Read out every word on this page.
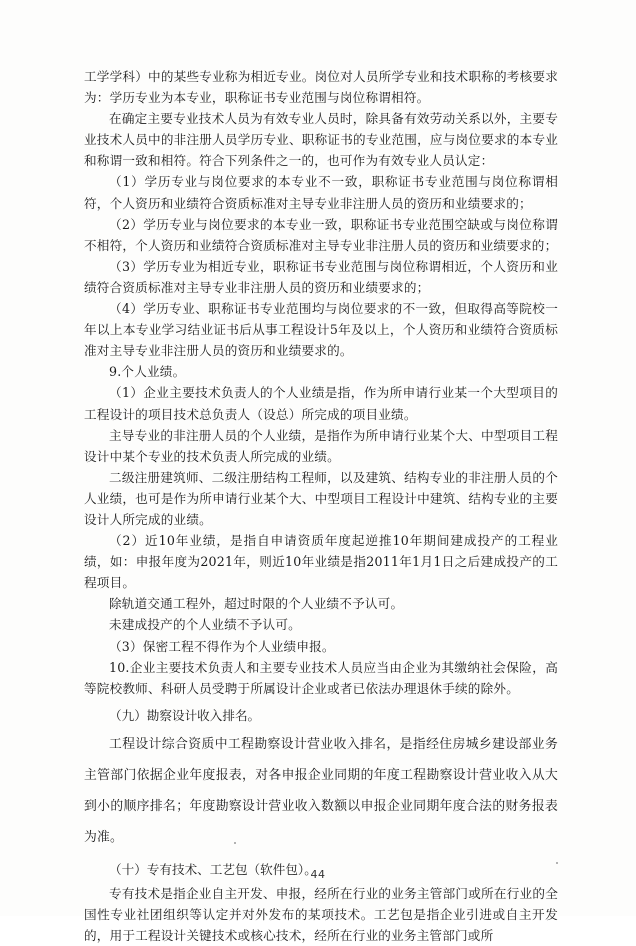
工学学科）中的某些专业称为相近专业。岗位对人员所学专业和技术职称的考核要求为：学历专业为本专业，职称证书专业范围与岗位称谓相符。

在确定主要专业技术人员为有效专业人员时，除具备有效劳动关系以外，主要专业技术人员中的非注册人员学历专业、职称证书的专业范围，应与岗位要求的本专业和称谓一致和相符。符合下列条件之一的，也可作为有效专业人员认定：

（1）学历专业与岗位要求的本专业不一致，职称证书专业范围与岗位称谓相符，个人资历和业绩符合资质标准对主导专业非注册人员的资历和业绩要求的；

（2）学历专业与岗位要求的本专业一致，职称证书专业范围空缺或与岗位称谓不相符，个人资历和业绩符合资质标准对主导专业非注册人员的资历和业绩要求的；

（3）学历专业为相近专业，职称证书专业范围与岗位称谓相近，个人资历和业绩符合资质标准对主导专业非注册人员的资历和业绩要求的；

（4）学历专业、职称证书专业范围均与岗位要求的不一致，但取得高等院校一年以上本专业学习结业证书后从事工程设计5年及以上，个人资历和业绩符合资质标准对主导专业非注册人员的资历和业绩要求的。

9.个人业绩。

（1）企业主要技术负责人的个人业绩是指，作为所申请行业某一个大型项目的工程设计的项目技术总负责人（设总）所完成的项目业绩。

主导专业的非注册人员的个人业绩，是指作为所申请行业某个大、中型项目工程设计中某个专业的技术负责人所完成的业绩。

二级注册建筑师、二级注册结构工程师，以及建筑、结构专业的非注册人员的个人业绩，也可是作为所申请行业某个大、中型项目工程设计中建筑、结构专业的主要设计人所完成的业绩。

（2）近10年业绩，是指自申请资质年度起逆推10年期间建成投产的工程业绩，如：申报年度为2021年，则近10年业绩是指2011年1月1日之后建成投产的工程项目。

除轨道交通工程外，超过时限的个人业绩不予认可。

未建成投产的个人业绩不予认可。

（3）保密工程不得作为个人业绩申报。

10.企业主要技术负责人和主要专业技术人员应当由企业为其缴纳社会保险，高等院校教师、科研人员受聘于所属设计企业或者已依法办理退休手续的除外。

（九）勘察设计收入排名。

工程设计综合资质中工程勘察设计营业收入排名，是指经住房城乡建设部业务主管部门依据企业年度报表，对各申报企业同期的年度工程勘察设计营业收入从大到小的顺序排名；年度勘察设计营业收入数额以申报企业同期年度合法的财务报表为准。

（十）专有技术、工艺包（软件包）。

专有技术是指企业自主开发、申报，经所在行业的业务主管部门或所在行业的全国性专业社团组织等认定并对外发布的某项技术。工艺包是指企业引进或自主开发的，用于工程设计关键技术或核心技术，经所在行业的业务主管部门或所

44
